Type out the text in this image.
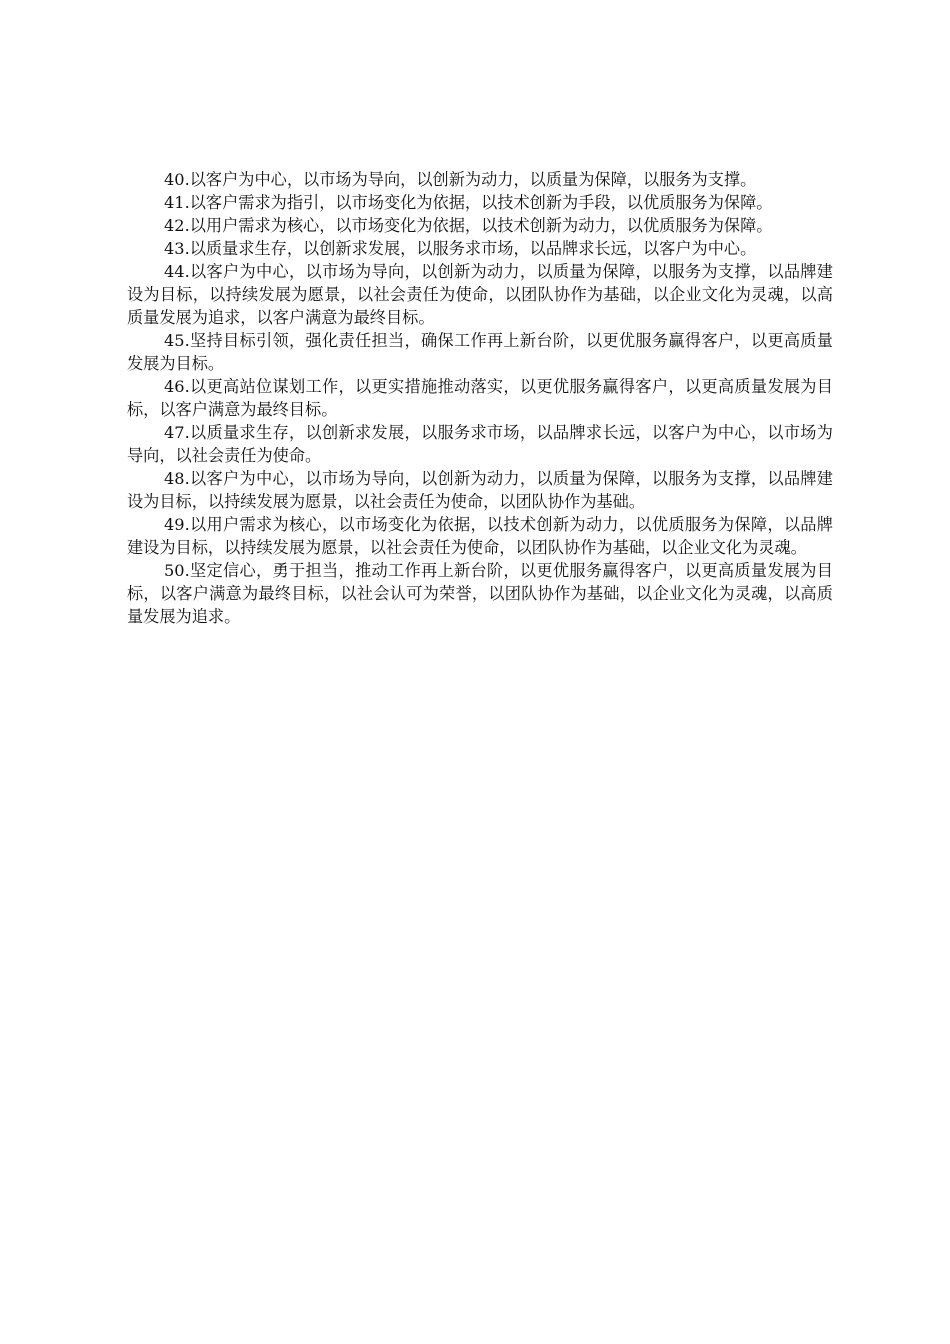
40.以客户为中心，以市场为导向，以创新为动力，以质量为保障，以服务为支撑。

41.以客户需求为指引，以市场变化为依据，以技术创新为手段，以优质服务为保障。

42.以用户需求为核心，以市场变化为依据，以技术创新为动力，以优质服务为保障。

43.以质量求生存，以创新求发展，以服务求市场，以品牌求长远，以客户为中心。

44.以客户为中心，以市场为导向，以创新为动力，以质量为保障，以服务为支撑，以品牌建设为目标，以持续发展为愿景，以社会责任为使命，以团队协作为基础，以企业文化为灵魂，以高质量发展为追求，以客户满意为最终目标。

45.坚持目标引领，强化责任担当，确保工作再上新台阶，以更优服务赢得客户，以更高质量发展为目标。

46.以更高站位谋划工作，以更实措施推动落实，以更优服务赢得客户，以更高质量发展为目标，以客户满意为最终目标。

47.以质量求生存，以创新求发展，以服务求市场，以品牌求长远，以客户为中心，以市场为导向，以社会责任为使命。

48.以客户为中心，以市场为导向，以创新为动力，以质量为保障，以服务为支撑，以品牌建设为目标，以持续发展为愿景，以社会责任为使命，以团队协作为基础。

49.以用户需求为核心，以市场变化为依据，以技术创新为动力，以优质服务为保障，以品牌建设为目标，以持续发展为愿景，以社会责任为使命，以团队协作为基础，以企业文化为灵魂。

50.坚定信心，勇于担当，推动工作再上新台阶，以更优服务赢得客户，以更高质量发展为目标，以客户满意为最终目标，以社会认可为荣誉，以团队协作为基础，以企业文化为灵魂，以高质量发展为追求。
